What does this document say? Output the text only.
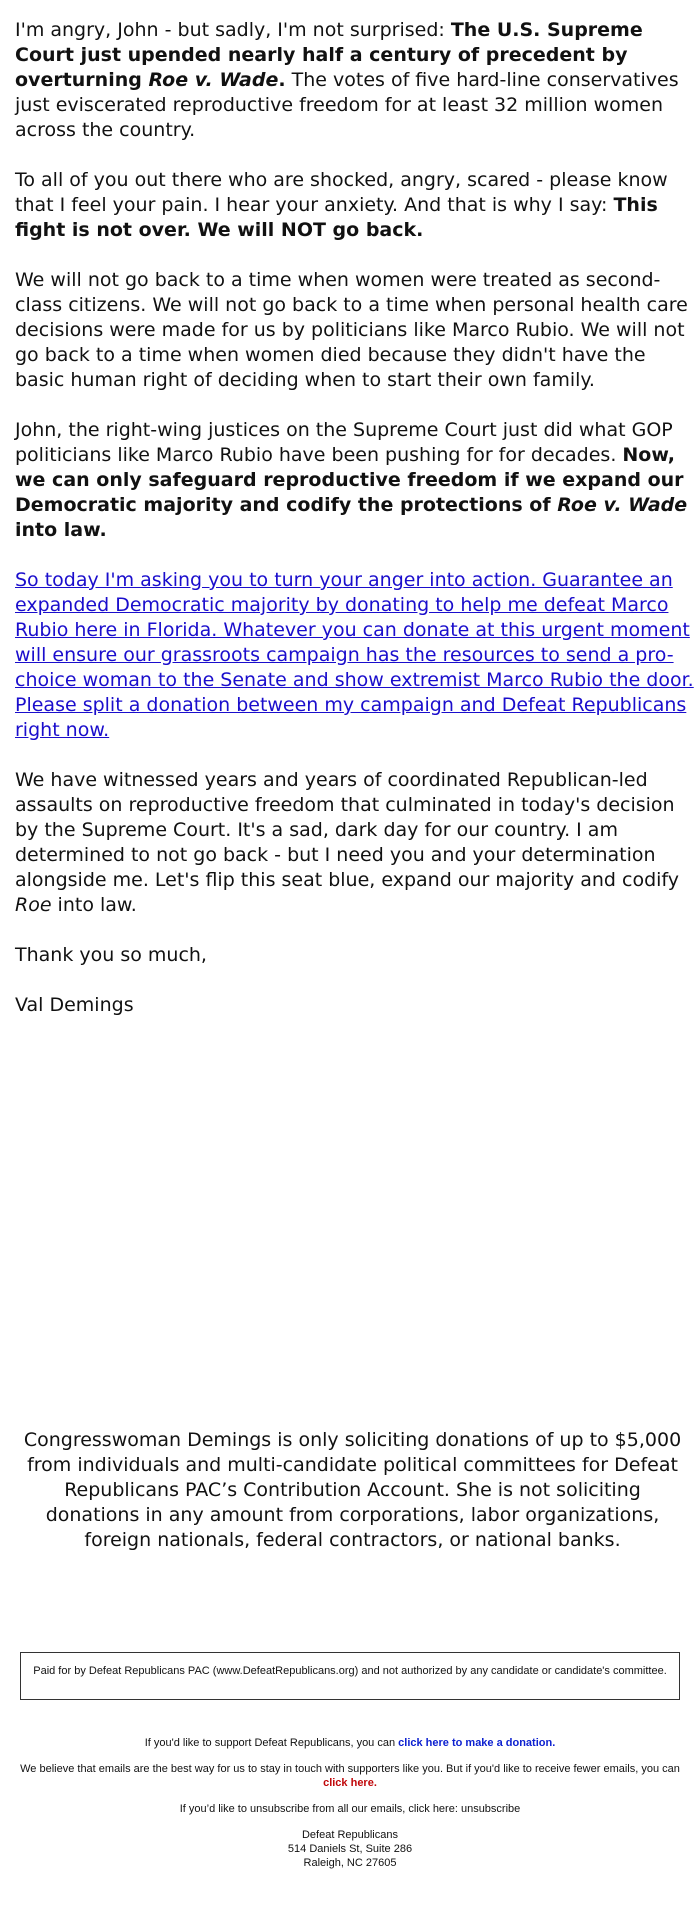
I'm angry, John - but sadly, I'm not surprised: The U.S. Supreme Court just upended nearly half a century of precedent by overturning Roe v. Wade. The votes of five hard-line conservatives just eviscerated reproductive freedom for at least 32 million women across the country.

To all of you out there who are shocked, angry, scared - please know that I feel your pain. I hear your anxiety. And that is why I say: This fight is not over. We will NOT go back.

We will not go back to a time when women were treated as second-class citizens. We will not go back to a time when personal health care decisions were made for us by politicians like Marco Rubio. We will not go back to a time when women died because they didn't have the basic human right of deciding when to start their own family.

John, the right-wing justices on the Supreme Court just did what GOP politicians like Marco Rubio have been pushing for for decades. Now, we can only safeguard reproductive freedom if we expand our Democratic majority and codify the protections of Roe v. Wade into law.

So today I'm asking you to turn your anger into action. Guarantee an expanded Democratic majority by donating to help me defeat Marco Rubio here in Florida. Whatever you can donate at this urgent moment will ensure our grassroots campaign has the resources to send a pro-choice woman to the Senate and show extremist Marco Rubio the door. Please split a donation between my campaign and Defeat Republicans right now.

We have witnessed years and years of coordinated Republican-led assaults on reproductive freedom that culminated in today's decision by the Supreme Court. It's a sad, dark day for our country. I am determined to not go back - but I need you and your determination alongside me. Let's flip this seat blue, expand our majority and codify Roe into law.

Thank you so much,

Val Demings

Congresswoman Demings is only soliciting donations of up to $5,000 from individuals and multi-candidate political committees for Defeat Republicans PAC’s Contribution Account. She is not soliciting donations in any amount from corporations, labor organizations, foreign nationals, federal contractors, or national banks.
Paid for by Defeat Republicans PAC (www.DefeatRepublicans.org) and not authorized by any candidate or candidate's committee.

If you'd like to support Defeat Republicans, you can click here to make a donation.

We believe that emails are the best way for us to stay in touch with supporters like you. But if you'd like to receive fewer emails, you can click here.

If you’d like to unsubscribe from all our emails, click here: unsubscribe

Defeat Republicans
514 Daniels St, Suite 286
Raleigh, NC 27605
